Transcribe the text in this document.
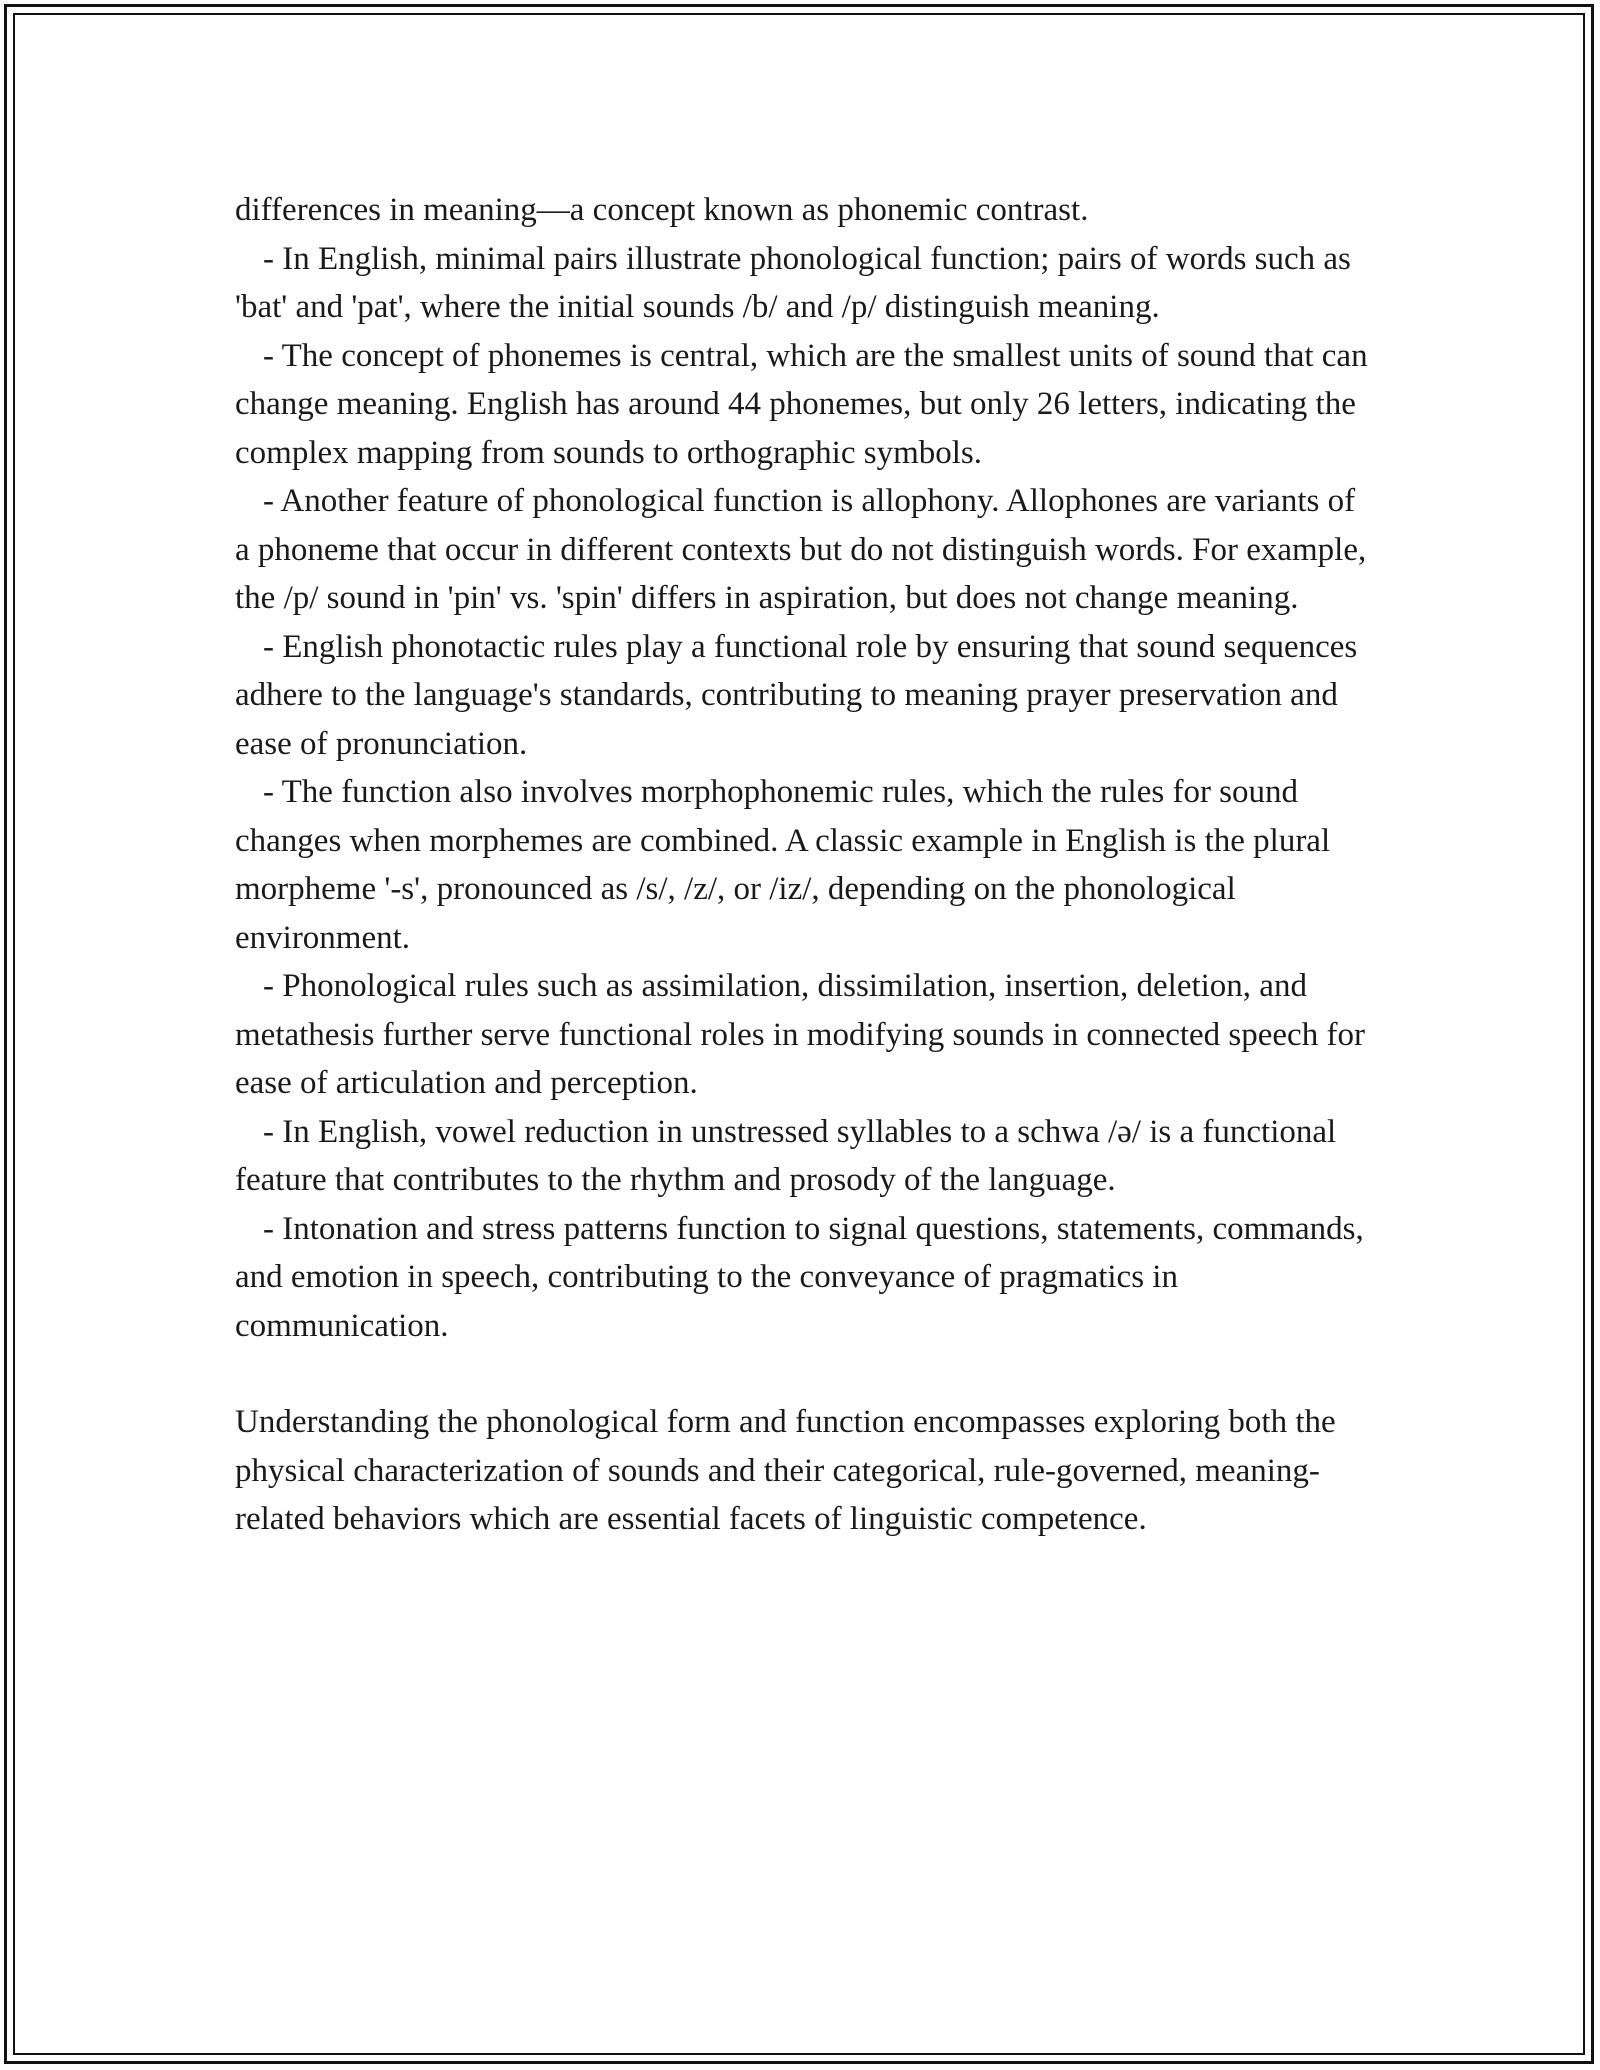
differences in meaning—a concept known as phonemic contrast.

- In English, minimal pairs illustrate phonological function; pairs of words such as 'bat' and 'pat', where the initial sounds /b/ and /p/ distinguish meaning.

- The concept of phonemes is central, which are the smallest units of sound that can change meaning. English has around 44 phonemes, but only 26 letters, indicating the complex mapping from sounds to orthographic symbols.

- Another feature of phonological function is allophony. Allophones are variants of a phoneme that occur in different contexts but do not distinguish words. For example, the /p/ sound in 'pin' vs. 'spin' differs in aspiration, but does not change meaning.

- English phonotactic rules play a functional role by ensuring that sound sequences adhere to the language's standards, contributing to meaning prayer preservation and ease of pronunciation.

- The function also involves morphophonemic rules, which the rules for sound changes when morphemes are combined. A classic example in English is the plural morpheme '-s', pronounced as /s/, /z/, or /iz/, depending on the phonological environment.

- Phonological rules such as assimilation, dissimilation, insertion, deletion, and metathesis further serve functional roles in modifying sounds in connected speech for ease of articulation and perception.

- In English, vowel reduction in unstressed syllables to a schwa /ə/ is a functional feature that contributes to the rhythm and prosody of the language.

- Intonation and stress patterns function to signal questions, statements, commands, and emotion in speech, contributing to the conveyance of pragmatics in communication.

Understanding the phonological form and function encompasses exploring both the physical characterization of sounds and their categorical, rule-governed, meaning-related behaviors which are essential facets of linguistic competence.
